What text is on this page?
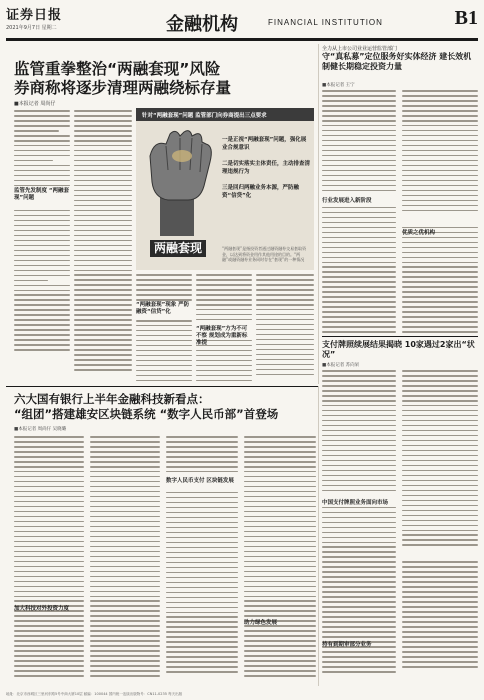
证券日报
2021年9月7日 星期二	金融机构	FINANCIAL INSTITUTION	B1
监管重拳整治“两融套现”风险
券商称将逐步清理两融绕标存量
■本报记者 周尚仔
监管先发制度 “两融套现”问题
针对“两融套现”问题 监管部门向券商提出三点要求
一是正视“两融套现”问题，强化展业合规意识
二是切实落实主体责任，主动排查清理违规行为
三是回归两融业务本源，严防融资“信贷”化
两融套现	“两融套现”是指投资者通过融资融券交易套取资金，以达到将资金用作其他用途的目的。“两融”或融资融券业务同时存在“套现”的一种情况
“两融套现”现象 严防融资“信贷”化
“两融套现”方为不可不察 规划成为重新标准提
全力从上市公司业业运营监管部门
守“真私募”定位服务好实体经济 建长效机制健长期稳定投资力量
■本报记者 王宁
行业发展进入新阶段
优质之优机构
支付牌照续展结果揭晓 10家遇过2家出“状况”
■本报记者 苏向杲
中国支付牌照业务面向市场
持有到期审部分业务
六大国有银行上半年金融科技新看点：
“组团”搭建雄安区块链系统 “数字人民币部”首登场
■本报记者 周尚仔 吴晓璐
数字人民币支付 区块链发展
加大科技对外投资力度
助力绿色发展
地址：北京市西城区三里河东路5号中商大厦10层 邮编：100044 国内统一连续出版物号：CN11-0235 每天出版
